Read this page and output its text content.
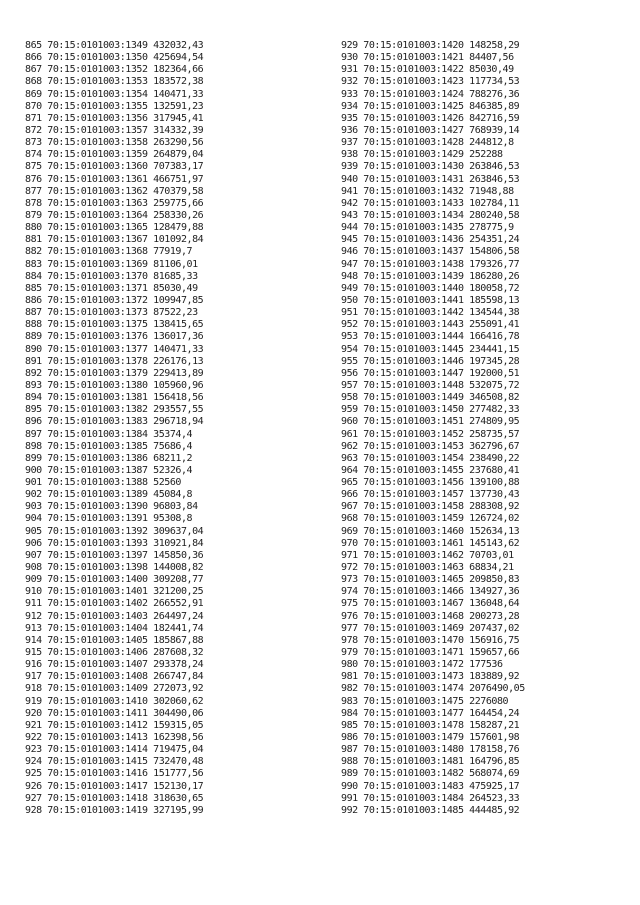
865 70:15:0101003:1349 432032,43
866 70:15:0101003:1350 425694,54
867 70:15:0101003:1352 182364,66
868 70:15:0101003:1353 183572,38
869 70:15:0101003:1354 140471,33
870 70:15:0101003:1355 132591,23
871 70:15:0101003:1356 317945,41
872 70:15:0101003:1357 314332,39
873 70:15:0101003:1358 263290,56
874 70:15:0101003:1359 264879,04
875 70:15:0101003:1360 707383,17
876 70:15:0101003:1361 466751,97
877 70:15:0101003:1362 470379,58
878 70:15:0101003:1363 259775,66
879 70:15:0101003:1364 258330,26
880 70:15:0101003:1365 128479,88
881 70:15:0101003:1367 101092,84
882 70:15:0101003:1368 77919,7
883 70:15:0101003:1369 81106,01
884 70:15:0101003:1370 81685,33
885 70:15:0101003:1371 85030,49
886 70:15:0101003:1372 109947,85
887 70:15:0101003:1373 87522,23
888 70:15:0101003:1375 138415,65
889 70:15:0101003:1376 136017,36
890 70:15:0101003:1377 140471,33
891 70:15:0101003:1378 226176,13
892 70:15:0101003:1379 229413,89
893 70:15:0101003:1380 105960,96
894 70:15:0101003:1381 156418,56
895 70:15:0101003:1382 293557,55
896 70:15:0101003:1383 296718,94
897 70:15:0101003:1384 35374,4
898 70:15:0101003:1385 75686,4
899 70:15:0101003:1386 68211,2
900 70:15:0101003:1387 52326,4
901 70:15:0101003:1388 52560
902 70:15:0101003:1389 45084,8
903 70:15:0101003:1390 96803,84
904 70:15:0101003:1391 95308,8
905 70:15:0101003:1392 309637,04
906 70:15:0101003:1393 310921,84
907 70:15:0101003:1397 145850,36
908 70:15:0101003:1398 144008,82
909 70:15:0101003:1400 309208,77
910 70:15:0101003:1401 321200,25
911 70:15:0101003:1402 266552,91
912 70:15:0101003:1403 264497,24
913 70:15:0101003:1404 182441,74
914 70:15:0101003:1405 185867,88
915 70:15:0101003:1406 287608,32
916 70:15:0101003:1407 293378,24
917 70:15:0101003:1408 266747,84
918 70:15:0101003:1409 272073,92
919 70:15:0101003:1410 302060,62
920 70:15:0101003:1411 304490,06
921 70:15:0101003:1412 159315,05
922 70:15:0101003:1413 162398,56
923 70:15:0101003:1414 719475,04
924 70:15:0101003:1415 732470,48
925 70:15:0101003:1416 151777,56
926 70:15:0101003:1417 152130,17
927 70:15:0101003:1418 318630,65
928 70:15:0101003:1419 327195,99
929 70:15:0101003:1420 148258,29
930 70:15:0101003:1421 84407,56
931 70:15:0101003:1422 85030,49
932 70:15:0101003:1423 117734,53
933 70:15:0101003:1424 788276,36
934 70:15:0101003:1425 846385,89
935 70:15:0101003:1426 842716,59
936 70:15:0101003:1427 768939,14
937 70:15:0101003:1428 244812,8
938 70:15:0101003:1429 252288
939 70:15:0101003:1430 263846,53
940 70:15:0101003:1431 263846,53
941 70:15:0101003:1432 71948,88
942 70:15:0101003:1433 102784,11
943 70:15:0101003:1434 280240,58
944 70:15:0101003:1435 278775,9
945 70:15:0101003:1436 254351,24
946 70:15:0101003:1437 154806,58
947 70:15:0101003:1438 179326,77
948 70:15:0101003:1439 186280,26
949 70:15:0101003:1440 180058,72
950 70:15:0101003:1441 185598,13
951 70:15:0101003:1442 134544,38
952 70:15:0101003:1443 255091,41
953 70:15:0101003:1444 166416,78
954 70:15:0101003:1445 234441,15
955 70:15:0101003:1446 197345,28
956 70:15:0101003:1447 192000,51
957 70:15:0101003:1448 532075,72
958 70:15:0101003:1449 346508,82
959 70:15:0101003:1450 277482,33
960 70:15:0101003:1451 274809,95
961 70:15:0101003:1452 258735,57
962 70:15:0101003:1453 362796,67
963 70:15:0101003:1454 238490,22
964 70:15:0101003:1455 237680,41
965 70:15:0101003:1456 139100,88
966 70:15:0101003:1457 137730,43
967 70:15:0101003:1458 288308,92
968 70:15:0101003:1459 126724,02
969 70:15:0101003:1460 152634,13
970 70:15:0101003:1461 145143,62
971 70:15:0101003:1462 70703,01
972 70:15:0101003:1463 68834,21
973 70:15:0101003:1465 209850,83
974 70:15:0101003:1466 134927,36
975 70:15:0101003:1467 136048,64
976 70:15:0101003:1468 200273,28
977 70:15:0101003:1469 207437,02
978 70:15:0101003:1470 156916,75
979 70:15:0101003:1471 159657,66
980 70:15:0101003:1472 177536
981 70:15:0101003:1473 183889,92
982 70:15:0101003:1474 2076490,05
983 70:15:0101003:1475 2276080
984 70:15:0101003:1477 164454,24
985 70:15:0101003:1478 158287,21
986 70:15:0101003:1479 157601,98
987 70:15:0101003:1480 178158,76
988 70:15:0101003:1481 164796,85
989 70:15:0101003:1482 568074,69
990 70:15:0101003:1483 475925,17
991 70:15:0101003:1484 264523,33
992 70:15:0101003:1485 444485,92
